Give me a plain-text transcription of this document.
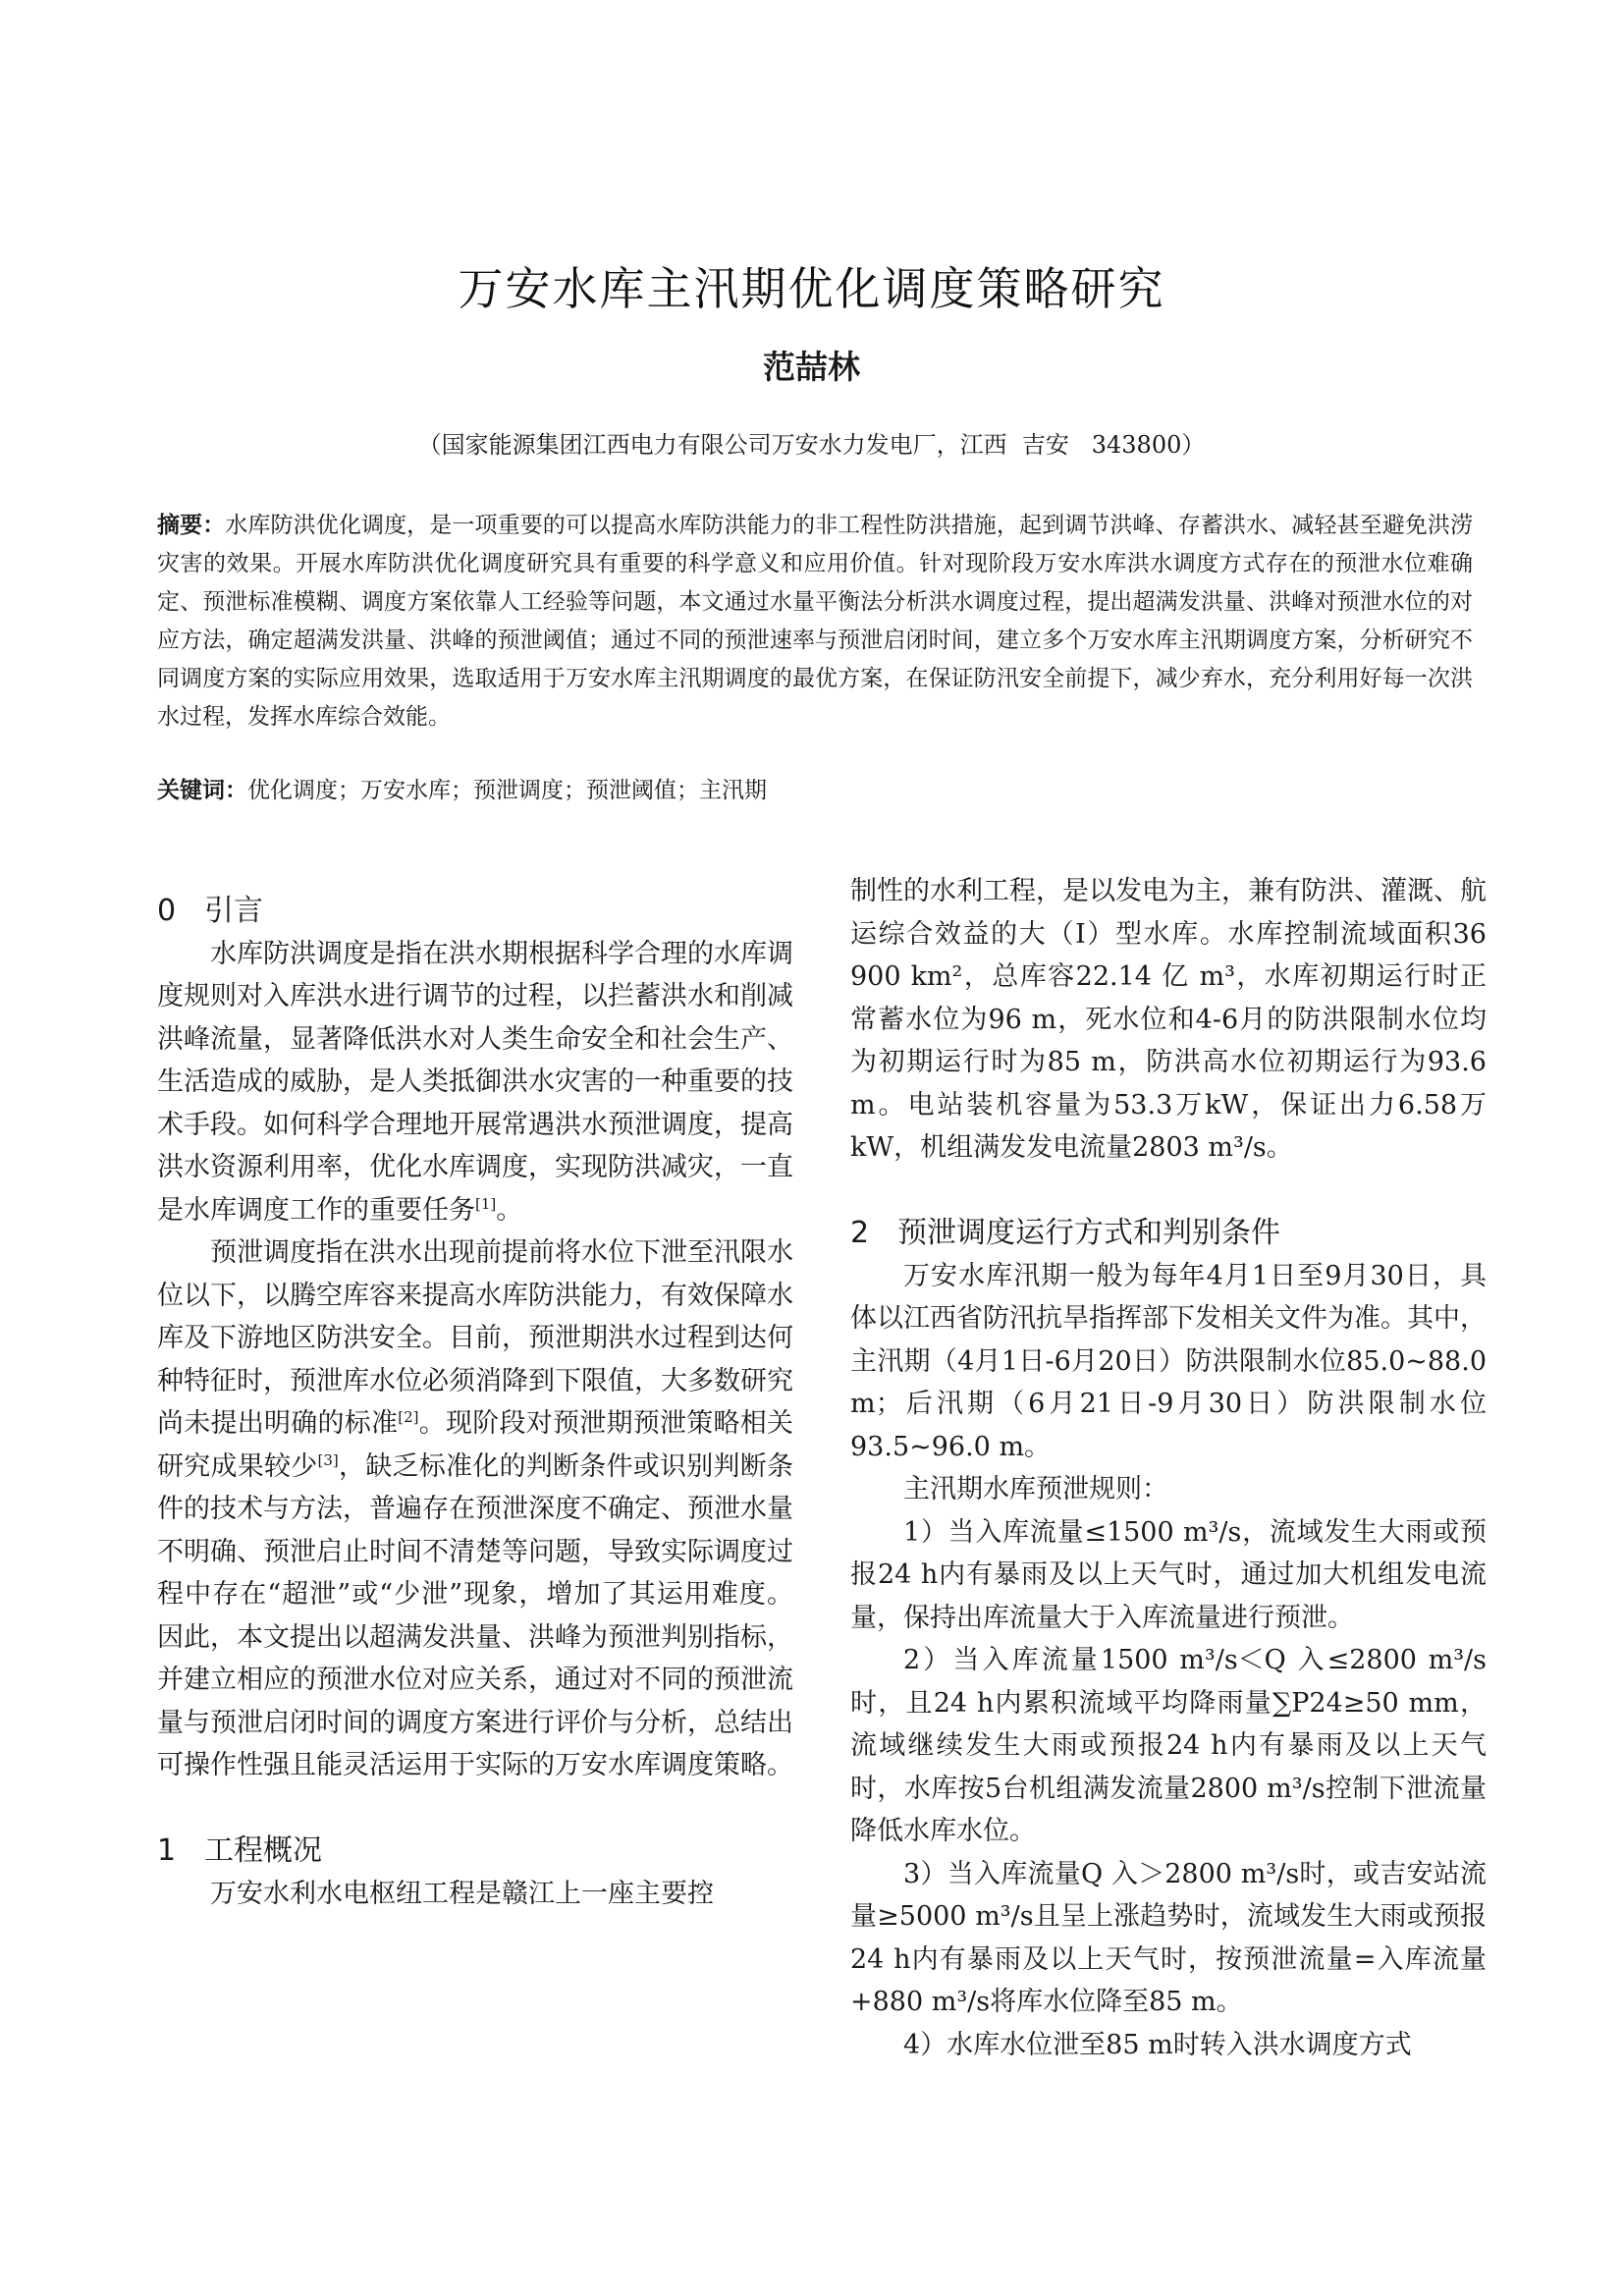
万安水库主汛期优化调度策略研究
范喆林
（国家能源集团江西电力有限公司万安水力发电厂，江西  吉安   343800）
摘要：水库防洪优化调度，是一项重要的可以提高水库防洪能力的非工程性防洪措施，起到调节洪峰、存蓄洪水、减轻甚至避免洪涝灾害的效果。开展水库防洪优化调度研究具有重要的科学意义和应用价值。针对现阶段万安水库洪水调度方式存在的预泄水位难确定、预泄标准模糊、调度方案依靠人工经验等问题，本文通过水量平衡法分析洪水调度过程，提出超满发洪量、洪峰对预泄水位的对应方法，确定超满发洪量、洪峰的预泄阈值；通过不同的预泄速率与预泄启闭时间，建立多个万安水库主汛期调度方案，分析研究不同调度方案的实际应用效果，选取适用于万安水库主汛期调度的最优方案，在保证防汛安全前提下，减少弃水，充分利用好每一次洪水过程，发挥水库综合效能。
关键词：优化调度；万安水库；预泄调度；预泄阈值；主汛期
0 引言

水库防洪调度是指在洪水期根据科学合理的水库调度规则对入库洪水进行调节的过程，以拦蓄洪水和削减洪峰流量，显著降低洪水对人类生命安全和社会生产、生活造成的威胁，是人类抵御洪水灾害的一种重要的技术手段。如何科学合理地开展常遇洪水预泄调度，提高洪水资源利用率，优化水库调度，实现防洪减灾，一直是水库调度工作的重要任务[1]。

预泄调度指在洪水出现前提前将水位下泄至汛限水位以下，以腾空库容来提高水库防洪能力，有效保障水库及下游地区防洪安全。目前，预泄期洪水过程到达何种特征时，预泄库水位必须消降到下限值，大多数研究尚未提出明确的标准[2]。现阶段对预泄期预泄策略相关研究成果较少[3]，缺乏标准化的判断条件或识别判断条件的技术与方法，普遍存在预泄深度不确定、预泄水量不明确、预泄启止时间不清楚等问题，导致实际调度过程中存在“超泄”或“少泄”现象，增加了其运用难度。因此，本文提出以超满发洪量、洪峰为预泄判别指标，并建立相应的预泄水位对应关系，通过对不同的预泄流量与预泄启闭时间的调度方案进行评价与分析，总结出可操作性强且能灵活运用于实际的万安水库调度策略。

1 工程概况

万安水利水电枢纽工程是赣江上一座主要控

制性的水利工程，是以发电为主，兼有防洪、灌溉、航运综合效益的大（I）型水库。水库控制流域面积36 900 km²，总库容22.14 亿 m³，水库初期运行时正常蓄水位为96 m，死水位和4-6月的防洪限制水位均为初期运行时为85 m，防洪高水位初期运行为93.6 m。电站装机容量为53.3万kW，保证出力6.58万kW，机组满发发电流量2803 m³/s。

2 预泄调度运行方式和判别条件

万安水库汛期一般为每年4月1日至9月30日，具体以江西省防汛抗旱指挥部下发相关文件为准。其中，主汛期（4月1日-6月20日）防洪限制水位85.0~88.0 m；后汛期（6月21日-9月30日）防洪限制水位93.5~96.0 m。

主汛期水库预泄规则：

1）当入库流量≤1500 m³/s，流域发生大雨或预报24 h内有暴雨及以上天气时，通过加大机组发电流量，保持出库流量大于入库流量进行预泄。

2）当入库流量1500 m³/s＜Q 入≤2800 m³/s时，且24 h内累积流域平均降雨量∑P24≥50 mm，流域继续发生大雨或预报24 h内有暴雨及以上天气时，水库按5台机组满发流量2800 m³/s控制下泄流量降低水库水位。

3）当入库流量Q 入＞2800 m³/s时，或吉安站流量≥5000 m³/s且呈上涨趋势时，流域发生大雨或预报24 h内有暴雨及以上天气时，按预泄流量=入库流量+880 m³/s将库水位降至85 m。

4）水库水位泄至85 m时转入洪水调度方式
